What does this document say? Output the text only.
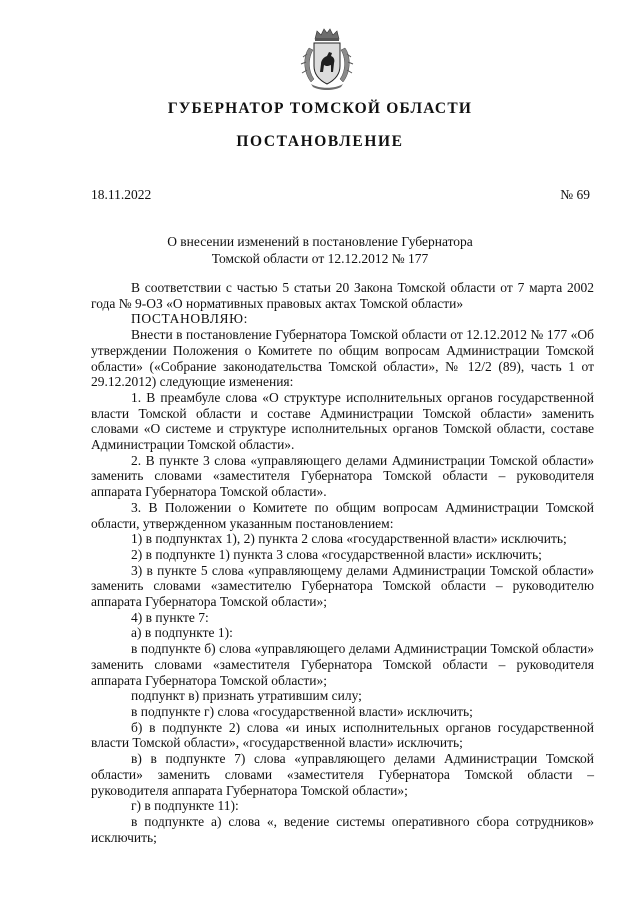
ГУБЕРНАТОР ТОМСКОЙ ОБЛАСТИ
ПОСТАНОВЛЕНИЕ
18.11.2022	№ 69
О внесении изменений в постановление Губернатора
Томской области от 12.12.2012 № 177

В соответствии с частью 5 статьи 20 Закона Томской области от 7 марта 2002 года № 9-ОЗ «О нормативных правовых актах Томской области»

ПОСТАНОВЛЯЮ:

Внести в постановление Губернатора Томской области от 12.12.2012 № 177 «Об утверждении Положения о Комитете по общим вопросам Администрации Томской области» («Собрание законодательства Томской области», № 12/2 (89), часть 1 от 29.12.2012) следующие изменения:

1. В преамбуле слова «О структуре исполнительных органов государственной власти Томской области и составе Администрации Томской области» заменить словами «О системе и структуре исполнительных органов Томской области, составе Администрации Томской области».

2. В пункте 3 слова «управляющего делами Администрации Томской области» заменить словами «заместителя Губернатора Томской области – руководителя аппарата Губернатора Томской области».

3. В Положении о Комитете по общим вопросам Администрации Томской области, утвержденном указанным постановлением:

1) в подпунктах 1), 2) пункта 2 слова «государственной власти» исключить;

2) в подпункте 1) пункта 3 слова «государственной власти» исключить;

3) в пункте 5 слова «управляющему делами Администрации Томской области» заменить словами «заместителю Губернатора Томской области – руководителю аппарата Губернатора Томской области»;

4) в пункте 7:

а) в подпункте 1):

в подпункте б) слова «управляющего делами Администрации Томской области» заменить словами «заместителя Губернатора Томской области – руководителя аппарата Губернатора Томской области»;

подпункт в) признать утратившим силу;

в подпункте г) слова «государственной власти» исключить;

б) в подпункте 2) слова «и иных исполнительных органов государственной власти Томской области», «государственной власти» исключить;

в) в подпункте 7) слова «управляющего делами Администрации Томской области» заменить словами «заместителя Губернатора Томской области – руководителя аппарата Губернатора Томской области»;

г) в подпункте 11):

в подпункте а) слова «, ведение системы оперативного сбора сотрудников» исключить;
